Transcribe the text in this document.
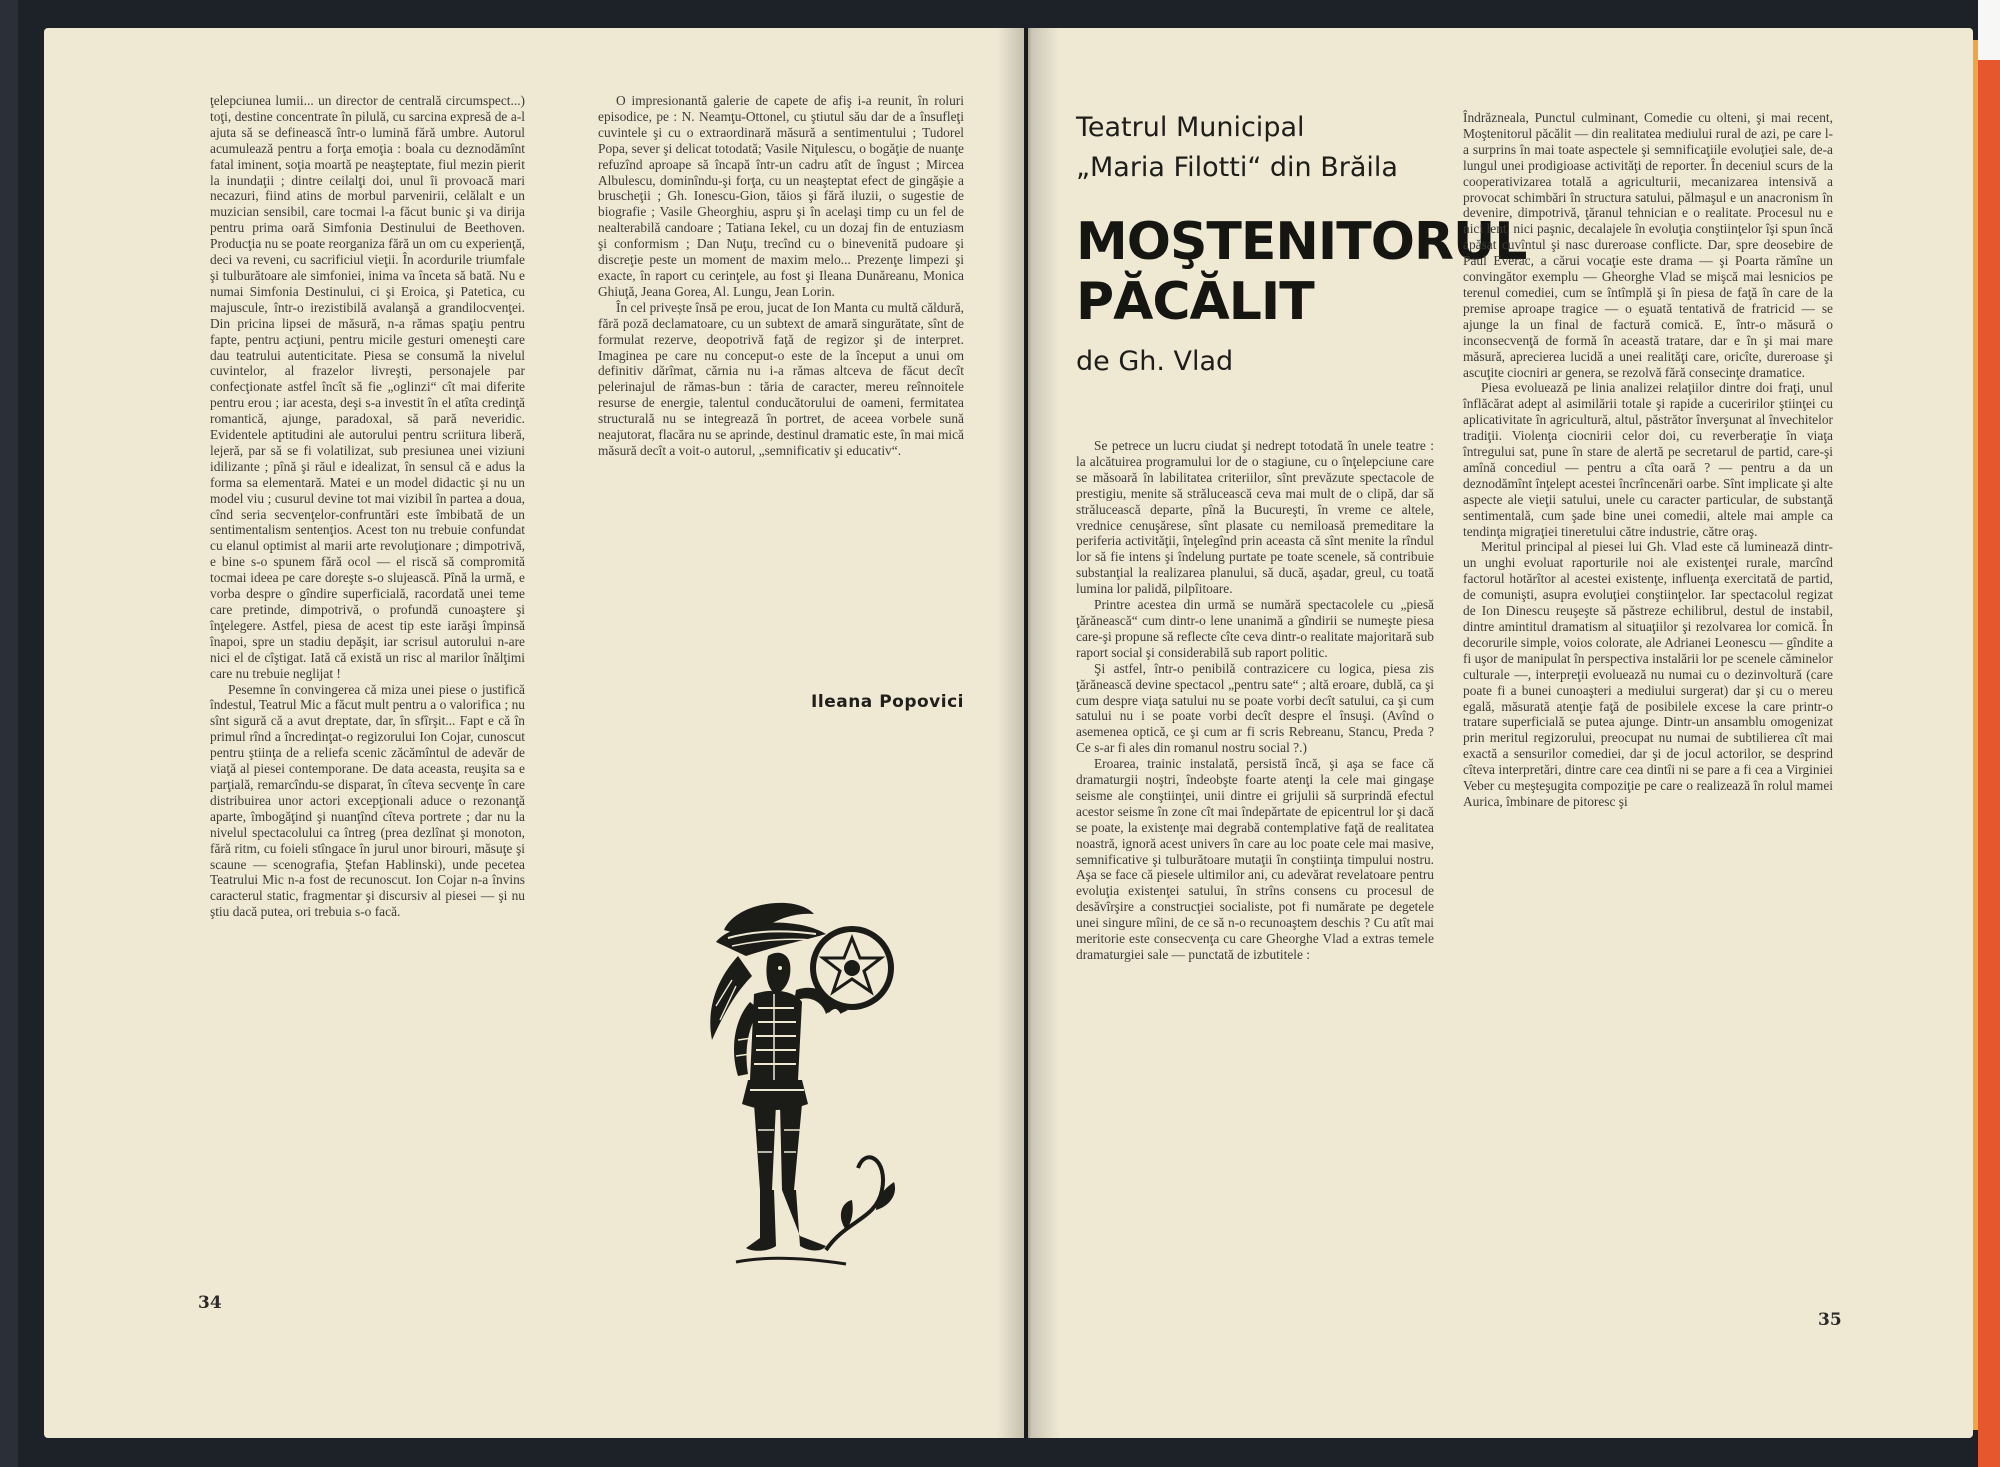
ţelepciunea lumii... un director de centrală circumspect...) toţi, destine concentrate în pilulă, cu sarcina expresă de a-l ajuta să se definească într-o lumină fără umbre. Autorul acumulează pentru a forţa emoţia : boala cu deznodămînt fatal iminent, soţia moartă pe neaşteptate, fiul mezin pierit la inundaţii ; dintre ceilalţi doi, unul îi provoacă mari necazuri, fiind atins de morbul parvenirii, celălalt e un muzician sensibil, care tocmai l-a făcut bunic şi va dirija pentru prima oară Simfonia Destinului de Beethoven. Producţia nu se poate reorganiza fără un om cu experienţă, deci va reveni, cu sacrificiul vieţii. În acordurile triumfale şi tulburătoare ale simfoniei, inima va înceta să bată. Nu e numai Simfonia Destinului, ci şi Eroica, şi Patetica, cu majuscule, într-o irezistibilă avalanşă a grandilocvenţei. Din pricina lipsei de măsură, n-a rămas spaţiu pentru fapte, pentru acţiuni, pentru micile gesturi omeneşti care dau teatrului autenticitate. Piesa se consumă la nivelul cuvintelor, al frazelor livreşti, personajele par confecţionate astfel încît să fie „oglinzi“ cît mai diferite pentru erou ; iar acesta, deşi s-a investit în el atîta credinţă romantică, ajunge, paradoxal, să pară neveridic. Evidentele aptitudini ale autorului pentru scriitura liberă, lejeră, par să se fi volatilizat, sub presiunea unei viziuni idilizante ; pînă şi răul e idealizat, în sensul că e adus la forma sa elementară. Matei e un model didactic şi nu un model viu ; cusurul devine tot mai vizibil în partea a doua, cînd seria secvenţelor-confruntări este îmbibată de un sentimentalism sentenţios. Acest ton nu trebuie confundat cu elanul optimist al marii arte revoluţionare ; dimpotrivă, e bine s-o spunem fără ocol — el riscă să compromită tocmai ideea pe care doreşte s-o slujească. Pînă la urmă, e vorba despre o gîndire superficială, racordată unei teme care pretinde, dimpotrivă, o profundă cunoaştere şi înţelegere. Astfel, piesa de acest tip este iarăşi împinsă înapoi, spre un stadiu depăşit, iar scrisul autorului n-are nici el de cîştigat. Iată că există un risc al marilor înălţimi care nu trebuie neglijat !

Pesemne în convingerea că miza unei piese o justifică îndestul, Teatrul Mic a făcut mult pentru a o valorifica ; nu sînt sigură că a avut dreptate, dar, în sfîrşit... Fapt e că în primul rînd a încredinţat-o regizorului Ion Cojar, cunoscut pentru ştiinţa de a reliefa scenic zăcămîntul de adevăr de viaţă al piesei contemporane. De data aceasta, reuşita sa e parţială, remarcîndu-se disparat, în cîteva secvenţe în care distribuirea unor actori excepţionali aduce o rezonanţă aparte, îmbogăţind şi nuanţînd cîteva portrete ; dar nu la nivelul spectacolului ca întreg (prea dezlînat şi monoton, fără ritm, cu foieli stîngace în jurul unor birouri, măsuţe şi scaune — scenografia, Ştefan Hablinski), unde pecetea Teatrului Mic n-a fost de recunoscut. Ion Cojar n-a învins caracterul static, fragmentar şi discursiv al piesei — şi nu ştiu dacă putea, ori trebuia s-o facă.

O impresionantă galerie de capete de afiş i-a reunit, în roluri episodice, pe : N. Neamţu-Ottonel, cu ştiutul său dar de a însufleţi cuvintele şi cu o extraordinară măsură a sentimentului ; Tudorel Popa, sever şi delicat totodată; Vasile Niţulescu, o bogăţie de nuanţe refuzînd aproape să încapă într-un cadru atît de îngust ; Mircea Albulescu, dominîndu-şi forţa, cu un neaşteptat efect de gingăşie a bruscheţii ; Gh. Ionescu-Gion, tăios şi fără iluzii, o sugestie de biografie ; Vasile Gheorghiu, aspru şi în acelaşi timp cu un fel de nealterabilă candoare ; Tatiana Iekel, cu un dozaj fin de entuziasm şi conformism ; Dan Nuţu, trecînd cu o binevenită pudoare şi discreţie peste un moment de maxim melo... Prezenţe limpezi şi exacte, în raport cu cerinţele, au fost şi Ileana Dunăreanu, Monica Ghiuţă, Jeana Gorea, Al. Lungu, Jean Lorin.

În cel privește însă pe erou, jucat de Ion Manta cu multă căldură, fără poză declamatoare, cu un subtext de amară singurătate, sînt de formulat rezerve, deopotrivă faţă de regizor şi de interpret. Imaginea pe care nu conceput-o este de la început a unui om definitiv dărîmat, cărnia nu i-a rămas altceva de făcut decît pelerinajul de rămas-bun : tăria de caracter, mereu reînnoitele resurse de energie, talentul conducătorului de oameni, fermitatea structurală nu se integrează în portret, de aceea vorbele sună neajutorat, flacăra nu se aprinde, destinul dramatic este, în mai mică măsură decît a voit-o autorul, „semnificativ şi educativ“.

Ileana Popovici
34
Teatrul Municipal
„Maria Filotti“ din Brăila
MOŞTENITORUL
PĂCĂLIT
de Gh. Vlad

Se petrece un lucru ciudat şi nedrept totodată în unele teatre : la alcătuirea programului lor de o stagiune, cu o înţelepciune care se măsoară în labilitatea criteriilor, sînt prevăzute spectacole de prestigiu, menite să strălucească ceva mai mult de o clipă, dar să strălucească departe, pînă la Bucureşti, în vreme ce altele, vrednice cenuşărese, sînt plasate cu nemiloasă premeditare la periferia activităţii, înţelegînd prin aceasta că sînt menite la rîndul lor să fie intens şi îndelung purtate pe toate scenele, să contribuie substanţial la realizarea planului, să ducă, aşadar, greul, cu toată lumina lor palidă, pilpîitoare.

Printre acestea din urmă se numără spectacolele cu „piesă ţărănească“ cum dintr-o lene unanimă a gîndirii se numeşte piesa care-şi propune să reflecte cîte ceva dintr-o realitate majoritară sub raport social şi considerabilă sub raport politic.

Şi astfel, într-o penibilă contrazicere cu logica, piesa zis ţărănească devine spectacol „pentru sate“ ; altă eroare, dublă, ca şi cum despre viaţa satului nu se poate vorbi decît satului, ca şi cum satului nu i se poate vorbi decît despre el însuşi. (Avînd o asemenea optică, ce şi cum ar fi scris Rebreanu, Stancu, Preda ? Ce s-ar fi ales din romanul nostru social ?.)

Eroarea, trainic instalată, persistă încă, şi aşa se face că dramaturgii noştri, îndeobşte foarte atenţi la cele mai gingaşe seisme ale conştiinţei, unii dintre ei grijulii să surprindă efectul acestor seisme în zone cît mai îndepărtate de epicentrul lor şi dacă se poate, la existenţe mai degrabă contemplative faţă de realitatea noastră, ignoră acest univers în care au loc poate cele mai masive, semnificative şi tulburătoare mutaţii în conştiinţa timpului nostru. Aşa se face că piesele ultimilor ani, cu adevărat revelatoare pentru evoluţia existenţei satului, în strîns consens cu procesul de desăvîrşire a construcţiei socialiste, pot fi numărate pe degetele unei singure mîini, de ce să n-o recunoaştem deschis ? Cu atît mai meritorie este consecvenţa cu care Gheorghe Vlad a extras temele dramaturgiei sale — punctată de izbutitele :

Îndrăzneala, Punctul culminant, Comedie cu olteni, şi mai recent, Moştenitorul păcălit — din realitatea mediului rural de azi, pe care l-a surprins în mai toate aspectele şi semnificaţiile evoluţiei sale, de-a lungul unei prodigioase activităţi de reporter. În deceniul scurs de la cooperativizarea totală a agriculturii, mecanizarea intensivă a provocat schimbări în structura satului, pălmaşul e un anacronism în devenire, dimpotrivă, ţăranul tehnician e o realitate. Procesul nu e nici lent, nici paşnic, decalajele în evoluţia conştiinţelor îşi spun încă apăsat cuvîntul şi nasc dureroase conflicte. Dar, spre deosebire de Paul Everac, a cărui vocaţie este drama — şi Poarta rămîne un convingător exemplu — Gheorghe Vlad se mişcă mai lesnicios pe terenul comediei, cum se întîmplă şi în piesa de faţă în care de la premise aproape tragice — o eşuată tentativă de fratricid — se ajunge la un final de factură comică. E, într-o măsură o inconsecvenţă de formă în această tratare, dar e în şi mai mare măsură, aprecierea lucidă a unei realităţi care, oricîte, dureroase şi ascuţite ciocniri ar genera, se rezolvă fără consecinţe dramatice.

Piesa evoluează pe linia analizei relaţiilor dintre doi fraţi, unul înflăcărat adept al asimilării totale şi rapide a cuceririlor ştiinţei cu aplicativitate în agricultură, altul, păstrător înverşunat al învechitelor tradiţii. Violenţa ciocnirii celor doi, cu reverberaţie în viaţa întregului sat, pune în stare de alertă pe secretarul de partid, care-şi amînă concediul — pentru a cîta oară ? — pentru a da un deznodămînt înţelept acestei încrîncenări oarbe. Sînt implicate şi alte aspecte ale vieţii satului, unele cu caracter particular, de substanţă sentimentală, cum şade bine unei comedii, altele mai ample ca tendinţa migraţiei tineretului către industrie, către oraş.

Meritul principal al piesei lui Gh. Vlad este că luminează dintr-un unghi evoluat raporturile noi ale existenţei rurale, marcînd factorul hotărîtor al acestei existenţe, influenţa exercitată de partid, de comunişti, asupra evoluţiei conştiinţelor. Iar spectacolul regizat de Ion Dinescu reuşeşte să păstreze echilibrul, destul de instabil, dintre amintitul dramatism al situaţiilor şi rezolvarea lor comică. În decorurile simple, voios colorate, ale Adrianei Leonescu — gîndite a fi uşor de manipulat în perspectiva instalării lor pe scenele căminelor culturale —, interpreţii evoluează nu numai cu o dezinvoltură (care poate fi a bunei cunoaşteri a mediului surgerat) dar şi cu o mereu egală, măsurată atenţie faţă de posibilele excese la care printr-o tratare superficială se putea ajunge. Dintr-un ansamblu omogenizat prin meritul regizorului, preocupat nu numai de subtilierea cît mai exactă a sensurilor comediei, dar şi de jocul actorilor, se desprind cîteva interpretări, dintre care cea dintîi ni se pare a fi cea a Virginiei Veber cu meşteşugita compoziţie pe care o realizează în rolul mamei Aurica, îmbinare de pitoresc şi

35
